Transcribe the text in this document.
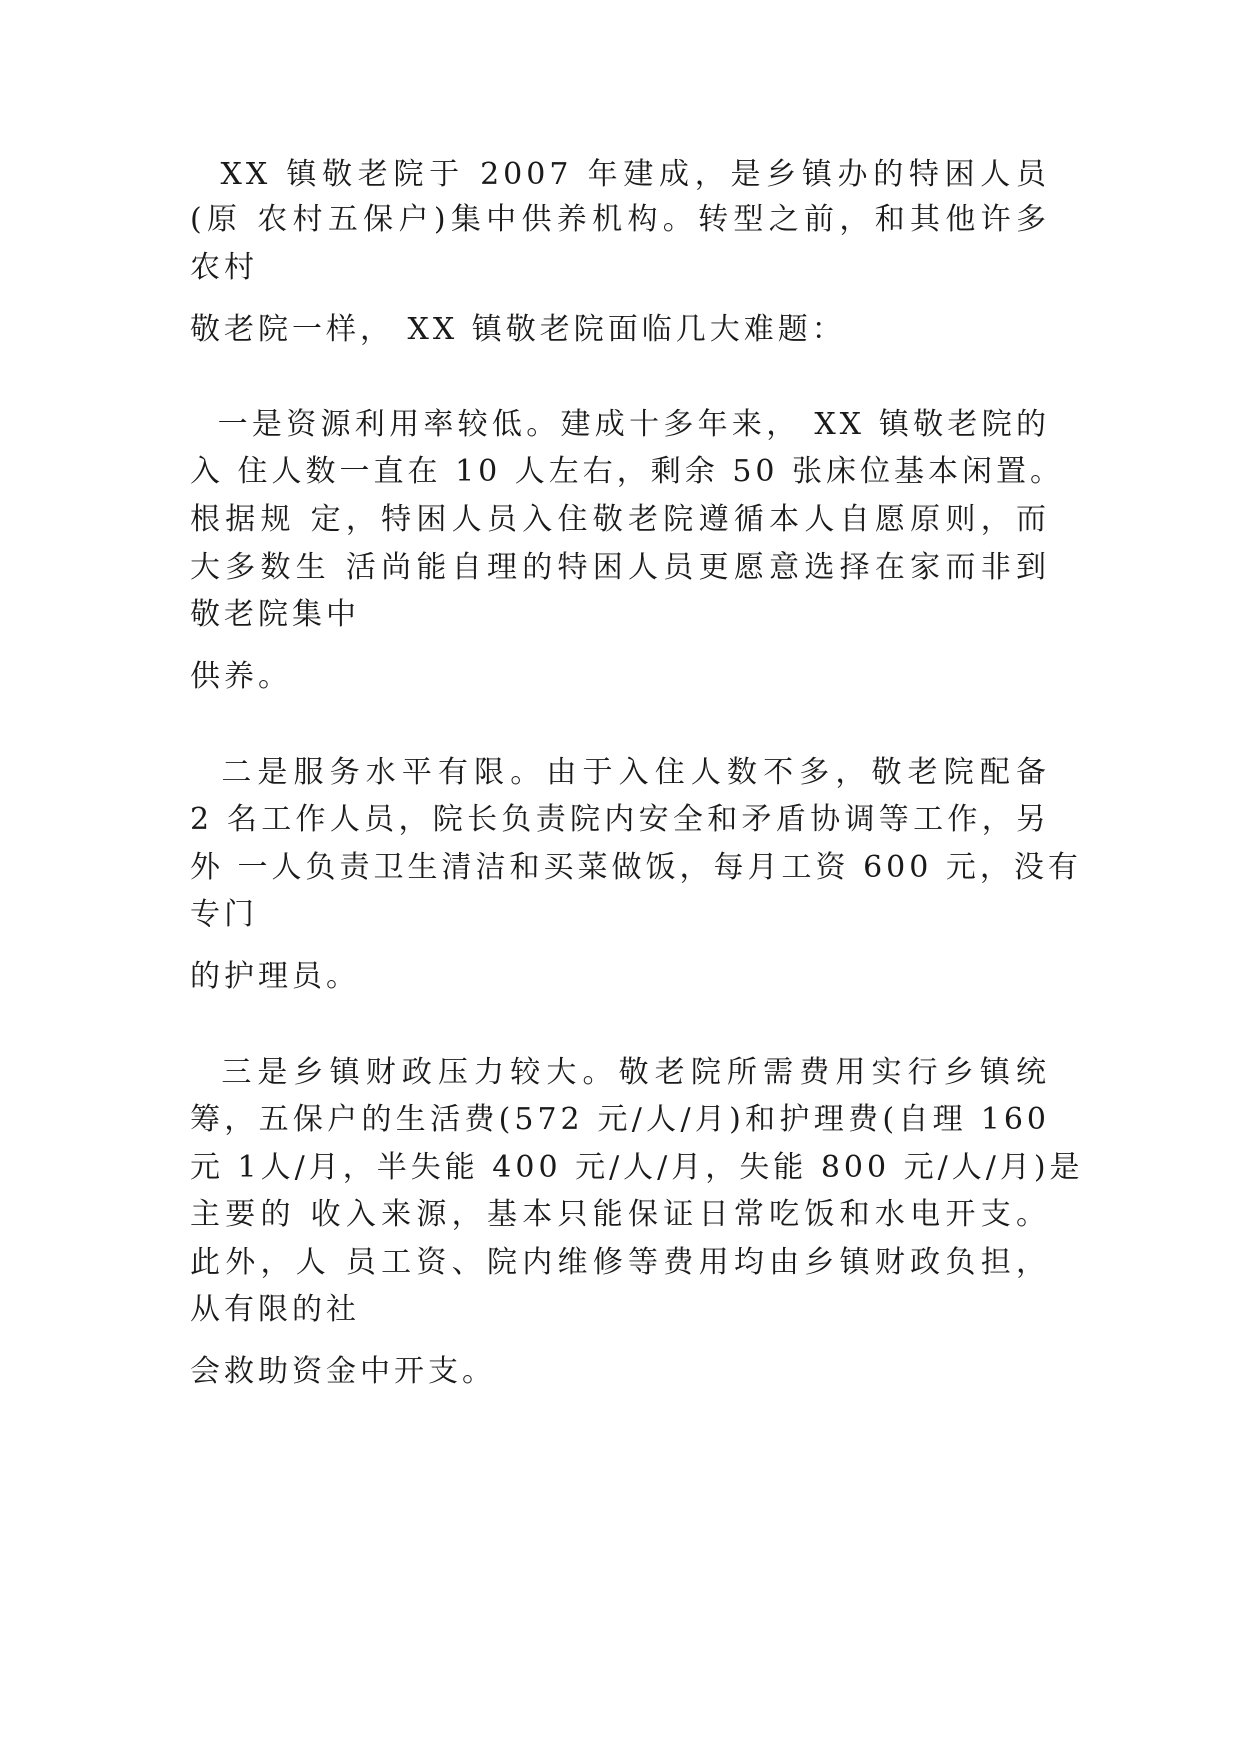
XX 镇敬老院于 2007 年建成，是乡镇办的特困人员
(原 农村五保户)集中供养机构。转型之前，和其他许多
农村
敬老院一样， XX 镇敬老院面临几大难题：
一是资源利用率较低。建成十多年来， XX 镇敬老院的
入 住人数一直在 10 人左右，剩余 50 张床位基本闲置。
根据规 定，特困人员入住敬老院遵循本人自愿原则，而
大多数生 活尚能自理的特困人员更愿意选择在家而非到
敬老院集中
供养。
二是服务水平有限。由于入住人数不多，敬老院配备
2 名工作人员，院长负责院内安全和矛盾协调等工作，另
外 一人负责卫生清洁和买菜做饭，每月工资 600 元，没有
专门
的护理员。
三是乡镇财政压力较大。敬老院所需费用实行乡镇统
筹，五保户的生活费(572 元/人/月)和护理费(自理 160
元 1人/月，半失能 400 元/人/月，失能 800 元/人/月)是
主要的 收入来源，基本只能保证日常吃饭和水电开支。
此外，人 员工资、院内维修等费用均由乡镇财政负担，
从有限的社
会救助资金中开支。
